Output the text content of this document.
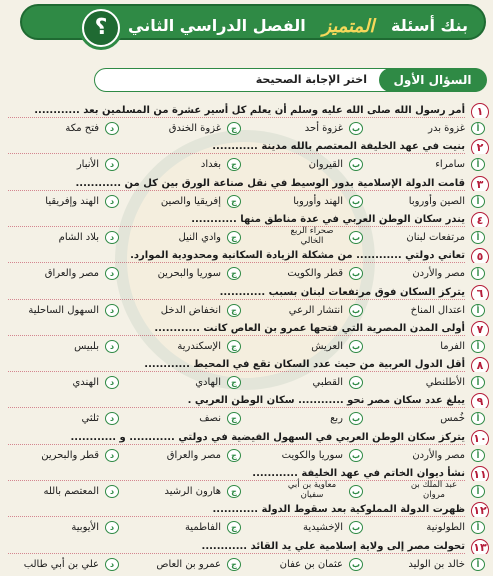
؟	بنك أسئلة
المتميز
الفصل الدراسي الثاني
السؤال الأول
اختر الإجابة الصحيحة
١
أمر رسول الله صلى الله عليه وسلم أن يعلم كل أسير عشرة من المسلمين بعد ............
أ
غزوة بدر
ب
غزوة أحد
ج
غزوة الخندق
د
فتح مكة
٢
بنيت في عهد الخليفة المعتصم بالله مدينة ............
أ
سامراء
ب
القيروان
ج
بغداد
د
الأنبار
٣
قامت الدولة الإسلامية بدور الوسيط في نقل صناعة الورق بين كل من ............
أ
الصين وأوروبا
ب
الهند وأوروبا
ج
إفريقيا والصين
د
الهند وإفريقيا
٤
يندر سكان الوطن العربي في عدة مناطق منها ............
أ
مرتفعات لبنان
ب
صحراء الربع الخالي
ج
وادي النيل
د
بلاد الشام
٥
تعاني دولتي ............ من مشكلة الزيادة السكانية ومحدودية الموارد.
أ
مصر والأردن
ب
قطر والكويت
ج
سوريا والبحرين
د
مصر والعراق
٦
يتركز السكان فوق مرتفعات لبنان بسبب ............
أ
اعتدال المناخ
ب
انتشار الرعي
ج
انخفاض الدخل
د
السهول الساحلية
٧
أولى المدن المصرية التي فتحها عمرو بن العاص كانت ............
أ
الفرما
ب
العريش
ج
الإسكندرية
د
بلبيس
٨
أقل الدول العربية من حيث عدد السكان تقع في المحيط ............
أ
الأطلنطي
ب
القطبي
ج
الهادي
د
الهندي
٩
يبلغ عدد سكان مصر نحو ............ سكان الوطن العربي .
أ
خُمس
ب
ربع
ج
نصف
د
ثلثي
١٠
يتركز سكان الوطن العربي في السهول الفيضية في دولتي ............ و ............
أ
مصر والأردن
ب
سوريا والكويت
ج
مصر والعراق
د
قطر والبحرين
١١
نشأ ديوان الخاتم في عهد الخليفة ............
أ
عبد الملك بن مروان
ب
معاوية بن أبي سفيان
ج
هارون الرشيد
د
المعتصم بالله
١٢
ظهرت الدولة المملوكية بعد سقوط الدولة ............
أ
الطولونية
ب
الإخشيدية
ج
الفاطمية
د
الأيوبية
١٣
تحولت مصر إلى ولاية إسلامية علي يد القائد ............
أ
خالد بن الوليد
ب
عثمان بن عفان
ج
عمرو بن العاص
د
علي بن أبي طالب
